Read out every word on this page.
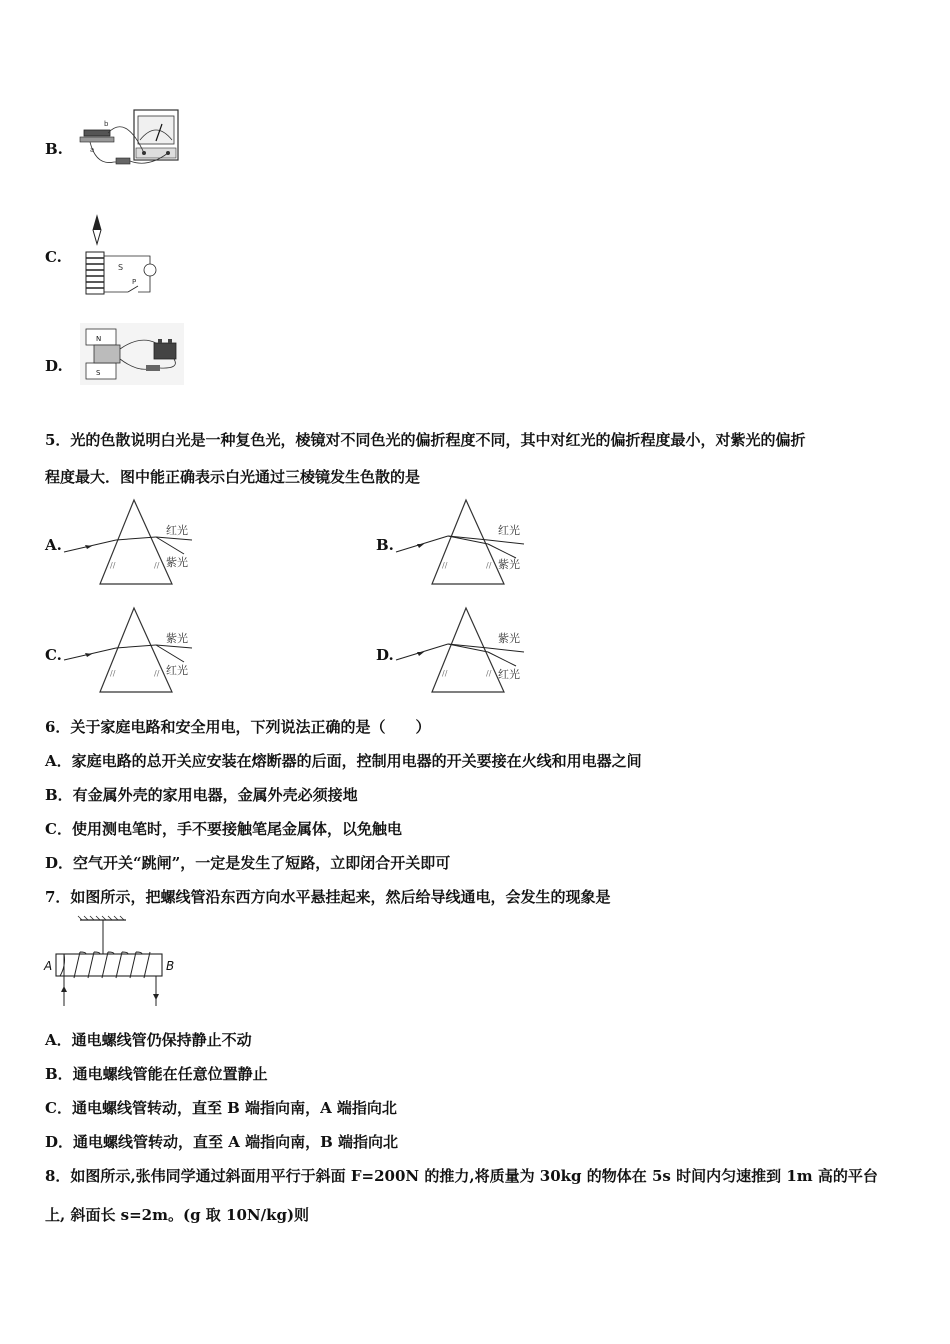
B.
b
a
C.
S
P
D.
N
S
5．光的色散说明白光是一种复色光，棱镜对不同色光的偏折程度不同，其中对红光的偏折程度最小，对紫光的偏折
程度最大．图中能正确表示白光通过三棱镜发生色散的是
A.
//	//
红光
紫光
B.
//	//
红光
紫光
C.
//	//
紫光
红光
D.
//	//
紫光
红光
6．关于家庭电路和安全用电，下列说法正确的是（　　）
A．家庭电路的总开关应安装在熔断器的后面，控制用电器的开关要接在火线和用电器之间
B．有金属外壳的家用电器，金属外壳必须接地
C．使用测电笔时，手不要接触笔尾金属体，以免触电
D．空气开关“跳闸”，一定是发生了短路，立即闭合开关即可
7．如图所示，把螺线管沿东西方向水平悬挂起来，然后给导线通电，会发生的现象是
A	B
A．通电螺线管仍保持静止不动
B．通电螺线管能在任意位置静止
C．通电螺线管转动，直至 B 端指向南，A 端指向北
D．通电螺线管转动，直至 A 端指向南，B 端指向北
8．如图所示,张伟同学通过斜面用平行于斜面 F=200N 的推力,将质量为 30kg 的物体在 5s 时间内匀速推到 1m 高的平台
上, 斜面长 s=2m。(g 取 10N/kg)则
